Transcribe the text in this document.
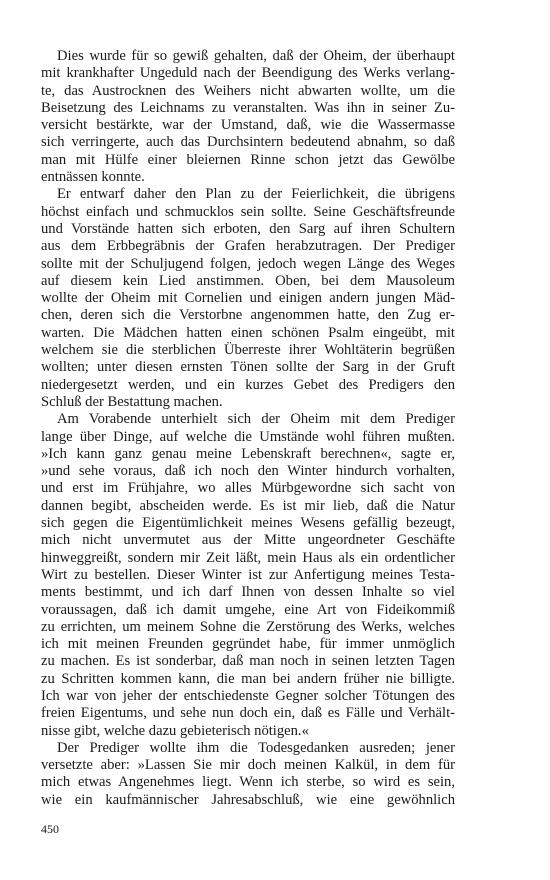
Dies wurde für so gewiß gehalten, daß der Oheim, der überhaupt
mit krankhafter Ungeduld nach der Beendigung des Werks verlang-
te, das Austrocknen des Weihers nicht abwarten wollte, um die
Beisetzung des Leichnams zu veranstalten. Was ihn in seiner Zu-
versicht bestärkte, war der Umstand, daß, wie die Wassermasse
sich verringerte, auch das Durchsintern bedeutend abnahm, so daß
man mit Hülfe einer bleiernen Rinne schon jetzt das Gewölbe
entnässen konnte.
Er entwarf daher den Plan zu der Feierlichkeit, die übrigens
höchst einfach und schmucklos sein sollte. Seine Geschäftsfreunde
und Vorstände hatten sich erboten, den Sarg auf ihren Schultern
aus dem Erbbegräbnis der Grafen herabzutragen. Der Prediger
sollte mit der Schuljugend folgen, jedoch wegen Länge des Weges
auf diesem kein Lied anstimmen. Oben, bei dem Mausoleum
wollte der Oheim mit Cornelien und einigen andern jungen Mäd-
chen, deren sich die Verstorbne angenommen hatte, den Zug er-
warten. Die Mädchen hatten einen schönen Psalm eingeübt, mit
welchem sie die sterblichen Überreste ihrer Wohltäterin begrüßen
wollten; unter diesen ernsten Tönen sollte der Sarg in der Gruft
niedergesetzt werden, und ein kurzes Gebet des Predigers den
Schluß der Bestattung machen.
Am Vorabende unterhielt sich der Oheim mit dem Prediger
lange über Dinge, auf welche die Umstände wohl führen mußten.
»Ich kann ganz genau meine Lebenskraft berechnen«, sagte er,
»und sehe voraus, daß ich noch den Winter hindurch vorhalten,
und erst im Frühjahre, wo alles Mürbgewordne sich sacht von
dannen begibt, abscheiden werde. Es ist mir lieb, daß die Natur
sich gegen die Eigentümlichkeit meines Wesens gefällig bezeugt,
mich nicht unvermutet aus der Mitte ungeordneter Geschäfte
hinweggreißt, sondern mir Zeit läßt, mein Haus als ein ordentlicher
Wirt zu bestellen. Dieser Winter ist zur Anfertigung meines Testa-
ments bestimmt, und ich darf Ihnen von dessen Inhalte so viel
voraussagen, daß ich damit umgehe, eine Art von Fideikommiß
zu errichten, um meinem Sohne die Zerstörung des Werks, welches
ich mit meinen Freunden gegründet habe, für immer unmöglich
zu machen. Es ist sonderbar, daß man noch in seinen letzten Tagen
zu Schritten kommen kann, die man bei andern früher nie billigte.
Ich war von jeher der entschiedenste Gegner solcher Tötungen des
freien Eigentums, und sehe nun doch ein, daß es Fälle und Verhält-
nisse gibt, welche dazu gebieterisch nötigen.«
Der Prediger wollte ihm die Todesgedanken ausreden; jener
versetzte aber: »Lassen Sie mir doch meinen Kalkül, in dem für
mich etwas Angenehmes liegt. Wenn ich sterbe, so wird es sein,
wie ein kaufmännischer Jahresabschluß, wie eine gewöhnlich
450
